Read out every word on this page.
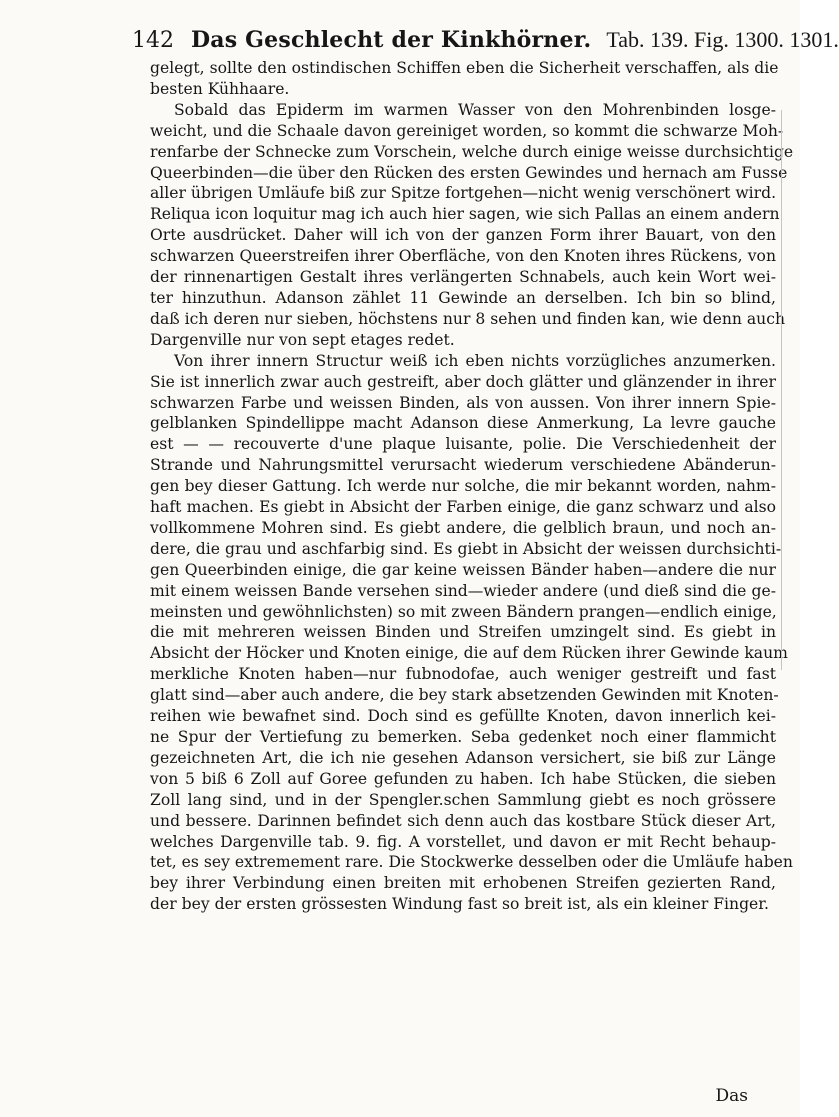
142 Das Geschlecht der Kinkhörner. Tab. 139. Fig. 1300. 1301.
gelegt, sollte den ostindischen Schiffen eben die Sicherheit verschaffen, als die
besten Kühhaare.
Sobald das Epiderm im warmen Wasser von den Mohrenbinden losge-
weicht, und die Schaale davon gereiniget worden, so kommt die schwarze Moh-
renfarbe der Schnecke zum Vorschein, welche durch einige weisse durchsichtige
Queerbinden—die über den Rücken des ersten Gewindes und hernach am Fusse
aller übrigen Umläufe biß zur Spitze fortgehen—nicht wenig verschönert wird.
Reliqua icon loquitur mag ich auch hier sagen, wie sich Pallas an einem andern
Orte ausdrücket. Daher will ich von der ganzen Form ihrer Bauart, von den
schwarzen Queerstreifen ihrer Oberfläche, von den Knoten ihres Rückens, von
der rinnenartigen Gestalt ihres verlängerten Schnabels, auch kein Wort wei-
ter hinzuthun. Adanson zählet 11 Gewinde an derselben. Ich bin so blind,
daß ich deren nur sieben, höchstens nur 8 sehen und finden kan, wie denn auch
Dargenville nur von sept etages redet.
Von ihrer innern Structur weiß ich eben nichts vorzügliches anzumerken.
Sie ist innerlich zwar auch gestreift, aber doch glätter und glänzender in ihrer
schwarzen Farbe und weissen Binden, als von aussen. Von ihrer innern Spie-
gelblanken Spindellippe macht Adanson diese Anmerkung, La levre gauche
est — — recouverte d'une plaque luisante, polie. Die Verschiedenheit der
Strande und Nahrungsmittel verursacht wiederum verschiedene Abänderun-
gen bey dieser Gattung. Ich werde nur solche, die mir bekannt worden, nahm-
haft machen. Es giebt in Absicht der Farben einige, die ganz schwarz und also
vollkommene Mohren sind. Es giebt andere, die gelblich braun, und noch an-
dere, die grau und aschfarbig sind. Es giebt in Absicht der weissen durchsichti-
gen Queerbinden einige, die gar keine weissen Bänder haben—andere die nur
mit einem weissen Bande versehen sind—wieder andere (und dieß sind die ge-
meinsten und gewöhnlichsten) so mit zween Bändern prangen—endlich einige,
die mit mehreren weissen Binden und Streifen umzingelt sind. Es giebt in
Absicht der Höcker und Knoten einige, die auf dem Rücken ihrer Gewinde kaum
merkliche Knoten haben—nur fubnodofae, auch weniger gestreift und fast
glatt sind—aber auch andere, die bey stark absetzenden Gewinden mit Knoten-
reihen wie bewafnet sind. Doch sind es gefüllte Knoten, davon innerlich kei-
ne Spur der Vertiefung zu bemerken. Seba gedenket noch einer flammicht
gezeichneten Art, die ich nie gesehen Adanson versichert, sie biß zur Länge
von 5 biß 6 Zoll auf Goree gefunden zu haben. Ich habe Stücken, die sieben
Zoll lang sind, und in der Spengler.schen Sammlung giebt es noch grössere
und bessere. Darinnen befindet sich denn auch das kostbare Stück dieser Art,
welches Dargenville tab. 9. fig. A vorstellet, und davon er mit Recht behaup-
tet, es sey extremement rare. Die Stockwerke desselben oder die Umläufe haben
bey ihrer Verbindung einen breiten mit erhobenen Streifen gezierten Rand,
der bey der ersten grössesten Windung fast so breit ist, als ein kleiner Finger.
Das
